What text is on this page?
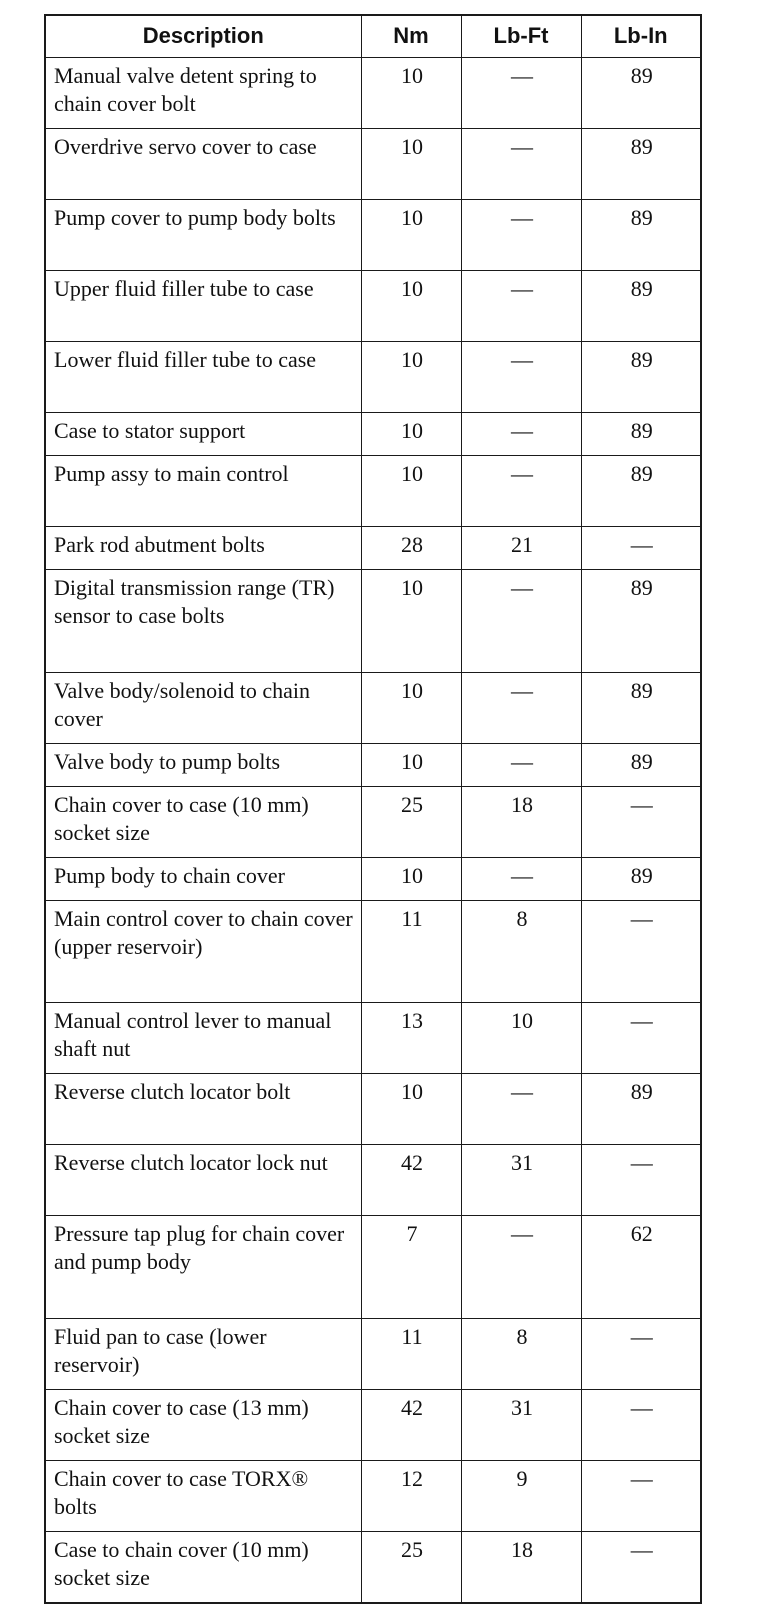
Description	Nm	Lb-Ft	Lb-In
Manual valve detent spring to chain cover bolt	10	—	89
Overdrive servo cover to case	10	—	89
Pump cover to pump body bolts	10	—	89
Upper fluid filler tube to case	10	—	89
Lower fluid filler tube to case	10	—	89
Case to stator support	10	—	89
Pump assy to main control	10	—	89
Park rod abutment bolts	28	21	—
Digital transmission range (TR) sensor to case bolts	10	—	89
Valve body/solenoid to chain cover	10	—	89
Valve body to pump bolts	10	—	89
Chain cover to case (10 mm) socket size	25	18	—
Pump body to chain cover	10	—	89
Main control cover to chain cover (upper reservoir)	11	8	—
Manual control lever to manual shaft nut	13	10	—
Reverse clutch locator bolt	10	—	89
Reverse clutch locator lock nut	42	31	—
Pressure tap plug for chain cover and pump body	7	—	62
Fluid pan to case (lower reservoir)	11	8	—
Chain cover to case (13 mm) socket size	42	31	—
Chain cover to case TORX® bolts	12	9	—
Case to chain cover (10 mm) socket size	25	18	—
